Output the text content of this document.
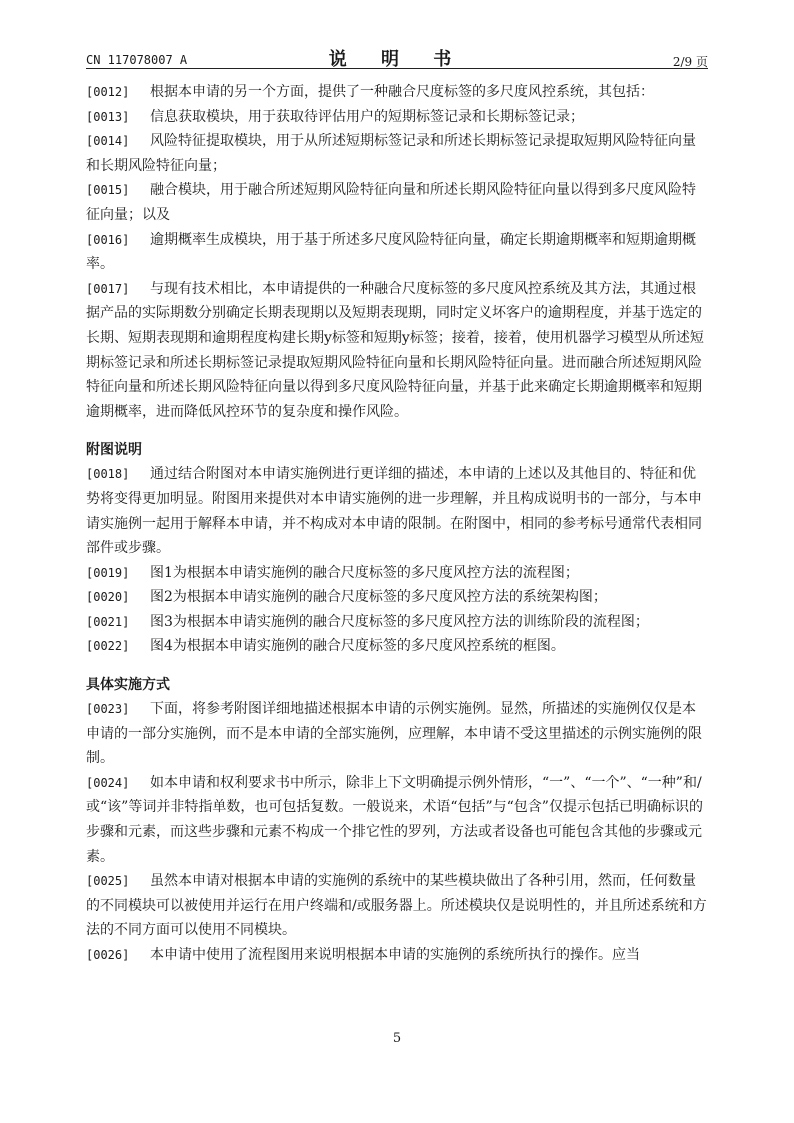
CN 117078007 A	说 明 书	2/9 页

[0012] 根据本申请的另一个方面，提供了一种融合尺度标签的多尺度风控系统，其包括：

[0013] 信息获取模块，用于获取待评估用户的短期标签记录和长期标签记录；

[0014] 风险特征提取模块，用于从所述短期标签记录和所述长期标签记录提取短期风险特征向量和长期风险特征向量；

[0015] 融合模块，用于融合所述短期风险特征向量和所述长期风险特征向量以得到多尺度风险特征向量；以及

[0016] 逾期概率生成模块，用于基于所述多尺度风险特征向量，确定长期逾期概率和短期逾期概率。

[0017] 与现有技术相比，本申请提供的一种融合尺度标签的多尺度风控系统及其方法，其通过根据产品的实际期数分别确定长期表现期以及短期表现期，同时定义坏客户的逾期程度，并基于选定的长期、短期表现期和逾期程度构建长期y标签和短期y标签；接着，接着，使用机器学习模型从所述短期标签记录和所述长期标签记录提取短期风险特征向量和长期风险特征向量。进而融合所述短期风险特征向量和所述长期风险特征向量以得到多尺度风险特征向量，并基于此来确定长期逾期概率和短期逾期概率，进而降低风控环节的复杂度和操作风险。

附图说明

[0018] 通过结合附图对本申请实施例进行更详细的描述，本申请的上述以及其他目的、特征和优势将变得更加明显。附图用来提供对本申请实施例的进一步理解，并且构成说明书的一部分，与本申请实施例一起用于解释本申请，并不构成对本申请的限制。在附图中，相同的参考标号通常代表相同部件或步骤。

[0019] 图1为根据本申请实施例的融合尺度标签的多尺度风控方法的流程图；

[0020] 图2为根据本申请实施例的融合尺度标签的多尺度风控方法的系统架构图；

[0021] 图3为根据本申请实施例的融合尺度标签的多尺度风控方法的训练阶段的流程图；

[0022] 图4为根据本申请实施例的融合尺度标签的多尺度风控系统的框图。

具体实施方式

[0023] 下面，将参考附图详细地描述根据本申请的示例实施例。显然，所描述的实施例仅仅是本申请的一部分实施例，而不是本申请的全部实施例，应理解，本申请不受这里描述的示例实施例的限制。

[0024] 如本申请和权利要求书中所示，除非上下文明确提示例外情形，“一”、“一个”、“一种”和/或“该”等词并非特指单数，也可包括复数。一般说来，术语“包括”与“包含”仅提示包括已明确标识的步骤和元素，而这些步骤和元素不构成一个排它性的罗列，方法或者设备也可能包含其他的步骤或元素。

[0025] 虽然本申请对根据本申请的实施例的系统中的某些模块做出了各种引用，然而，任何数量的不同模块可以被使用并运行在用户终端和/或服务器上。所述模块仅是说明性的，并且所述系统和方法的不同方面可以使用不同模块。

[0026] 本申请中使用了流程图用来说明根据本申请的实施例的系统所执行的操作。应当

5
